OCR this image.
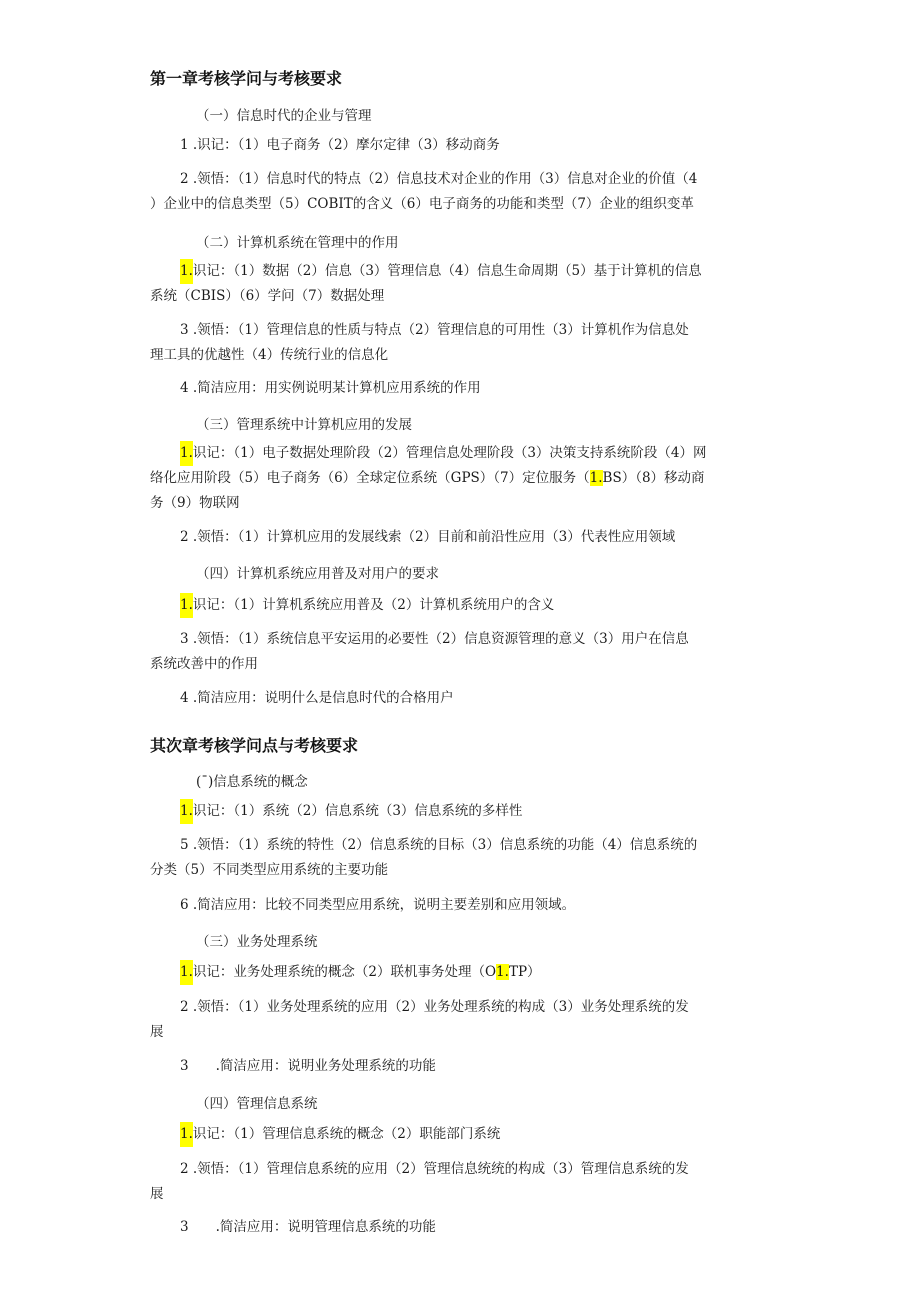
第一章考核学问与考核要求
（一）信息时代的企业与管理
1 .识记：（1）电子商务（2）摩尔定律（3）移动商务
2 .领悟：（1）信息时代的特点（2）信息技术对企业的作用（3）信息对企业的价值（4
）企业中的信息类型（5）COBIT的含义（6）电子商务的功能和类型（7）企业的组织变革
（二）计算机系统在管理中的作用
1.识记：（1）数据（2）信息（3）管理信息（4）信息生命周期（5）基于计算机的信息
系统（CBIS）（6）学问（7）数据处理
3 .领悟：（1）管理信息的性质与特点（2）管理信息的可用性（3）计算机作为信息处
理工具的优越性（4）传统行业的信息化
4 .简洁应用：用实例说明某计算机应用系统的作用
（三）管理系统中计算机应用的发展
1.识记：（1）电子数据处理阶段（2）管理信息处理阶段（3）决策支持系统阶段（4）网
络化应用阶段（5）电子商务（6）全球定位系统（GPS）（7）定位服务（1.BS）（8）移动商
务（9）物联网
2 .领悟：（1）计算机应用的发展线索（2）目前和前沿性应用（3）代表性应用领域
（四）计算机系统应用普及对用户的要求
1.识记：（1）计算机系统应用普及（2）计算机系统用户的含义
3 .领悟：（1）系统信息平安运用的必要性（2）信息资源管理的意义（3）用户在信息
系统改善中的作用
4 .简洁应用：说明什么是信息时代的合格用户
其次章考核学问点与考核要求
(¯)信息系统的概念
1.识记：（1）系统（2）信息系统（3）信息系统的多样性
5 .领悟：（1）系统的特性（2）信息系统的目标（3）信息系统的功能（4）信息系统的
分类（5）不同类型应用系统的主要功能
6 .简洁应用：比较不同类型应用系统，说明主要差别和应用领域。
（三）业务处理系统
1.识记：业务处理系统的概念（2）联机事务处理（O1.TP）
2 .领悟：（1）业务处理系统的应用（2）业务处理系统的构成（3）业务处理系统的发
展
3　　.简洁应用：说明业务处理系统的功能
（四）管理信息系统
1.识记：（1）管理信息系统的概念（2）职能部门系统
2 .领悟：（1）管理信息系统的应用（2）管理信息统统的构成（3）管理信息系统的发
展
3　　.简洁应用：说明管理信息系统的功能
